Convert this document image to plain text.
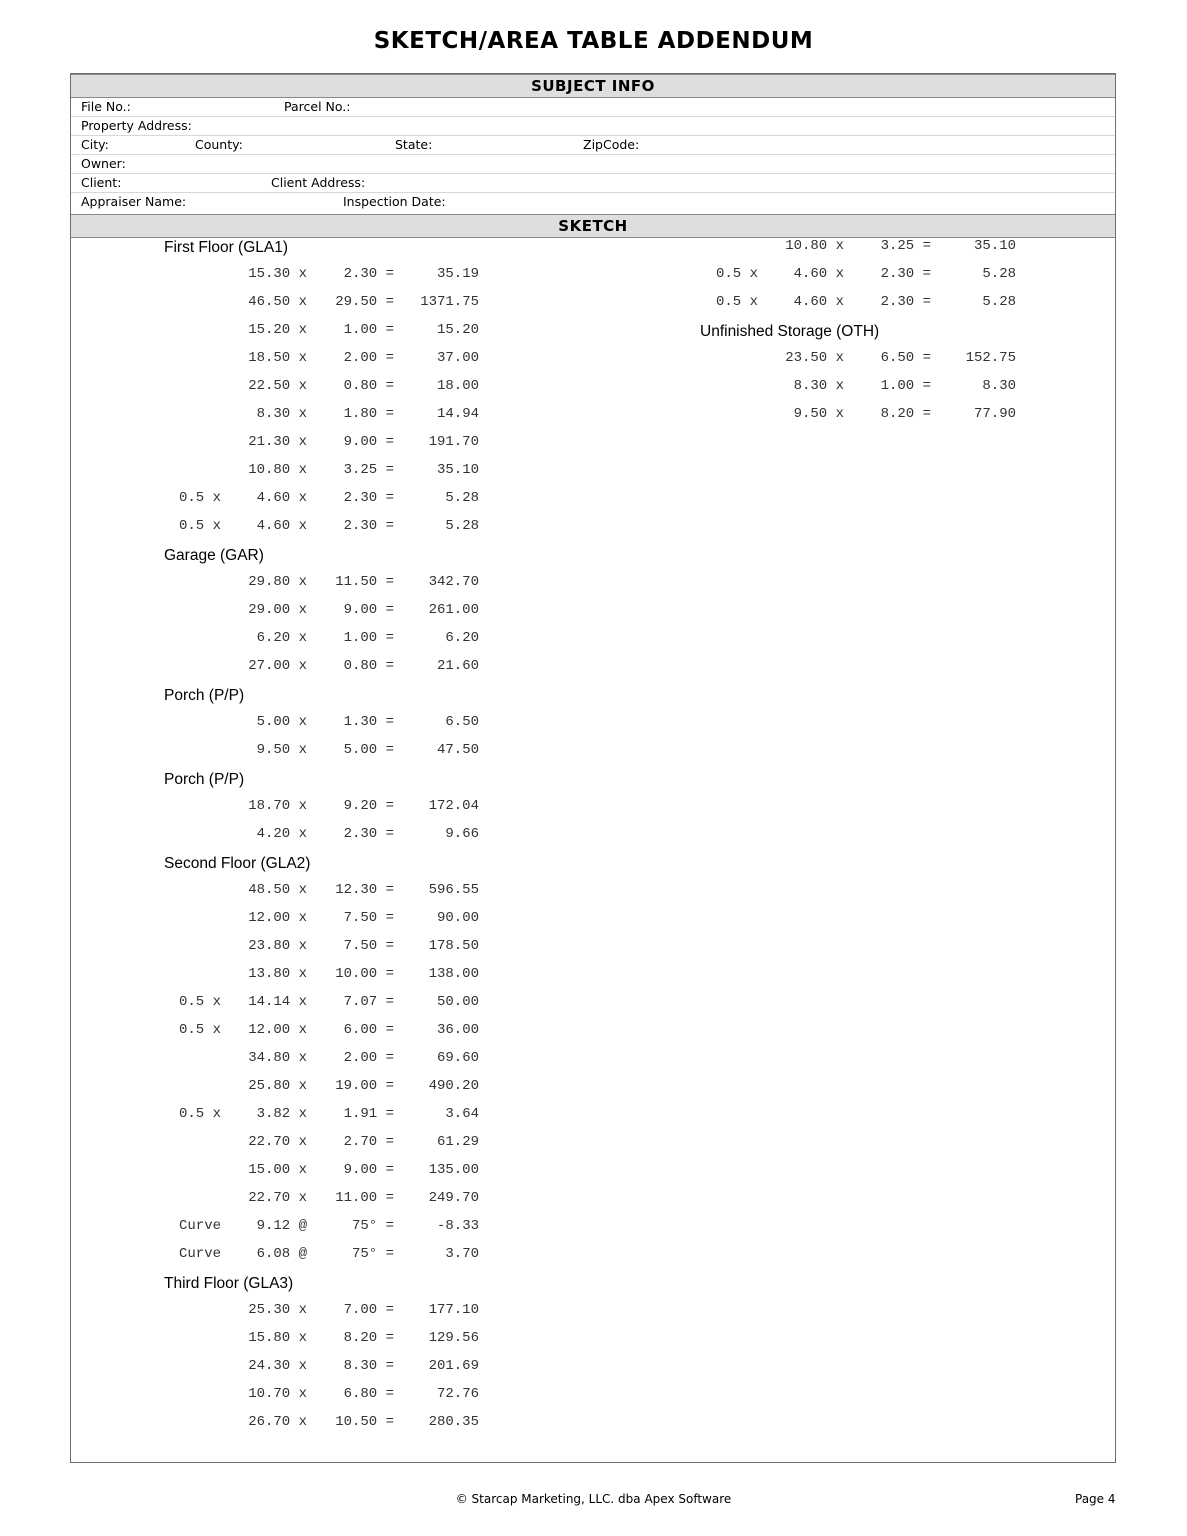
SKETCH/AREA TABLE ADDENDUM
SUBJECT INFO
File No.:	Parcel No.:
Property Address:
City:	County:	State:	ZipCode:
Owner:
Client:	Client Address:
Appraiser Name:	Inspection Date:
SKETCH
First Floor (GLA1)
15.30 x	2.30 =	35.19
46.50 x 29.50 = 1371.75
15.20 x	1.00 =	15.20
18.50 x	2.00 =	37.00
22.50 x	0.80 =	18.00
8.30 x	1.80 =	14.94
21.30 x	9.00 = 191.70
10.80 x	3.25 =	35.10
0.5 x	4.60 x	2.30 =	5.28
0.5 x	4.60 x	2.30 =	5.28
Garage (GAR)
29.80 x 11.50 = 342.70
29.00 x	9.00 = 261.00
6.20 x	1.00 =	6.20
27.00 x	0.80 =	21.60
Porch (P/P)
5.00 x	1.30 =	6.50
9.50 x	5.00 =	47.50
Porch (P/P)
18.70 x	9.20 = 172.04
4.20 x	2.30 =	9.66
Second Floor (GLA2)
48.50 x 12.30 = 596.55
12.00 x	7.50 =	90.00
23.80 x	7.50 = 178.50
13.80 x 10.00 = 138.00
0.5 x 14.14 x	7.07 =	50.00
0.5 x 12.00 x	6.00 =	36.00
34.80 x	2.00 =	69.60
25.80 x 19.00 = 490.20
0.5 x	3.82 x	1.91 =	3.64
22.70 x	2.70 =	61.29
15.00 x	9.00 = 135.00
22.70 x 11.00 = 249.70
Curve	9.12 @	75° =	-8.33
Curve	6.08 @	75° =	3.70
Third Floor (GLA3)
25.30 x	7.00 = 177.10
15.80 x	8.20 = 129.56
24.30 x	8.30 = 201.69
10.70 x	6.80 =	72.76
26.70 x 10.50 = 280.35
10.80 x	3.25 =	35.10
0.5 x	4.60 x	2.30 =	5.28
0.5 x	4.60 x	2.30 =	5.28
Unfinished Storage (OTH)
23.50 x	6.50 = 152.75
8.30 x	1.00 =	8.30
9.50 x	8.20 =	77.90
© Starcap Marketing, LLC. dba Apex Software	Page 4
